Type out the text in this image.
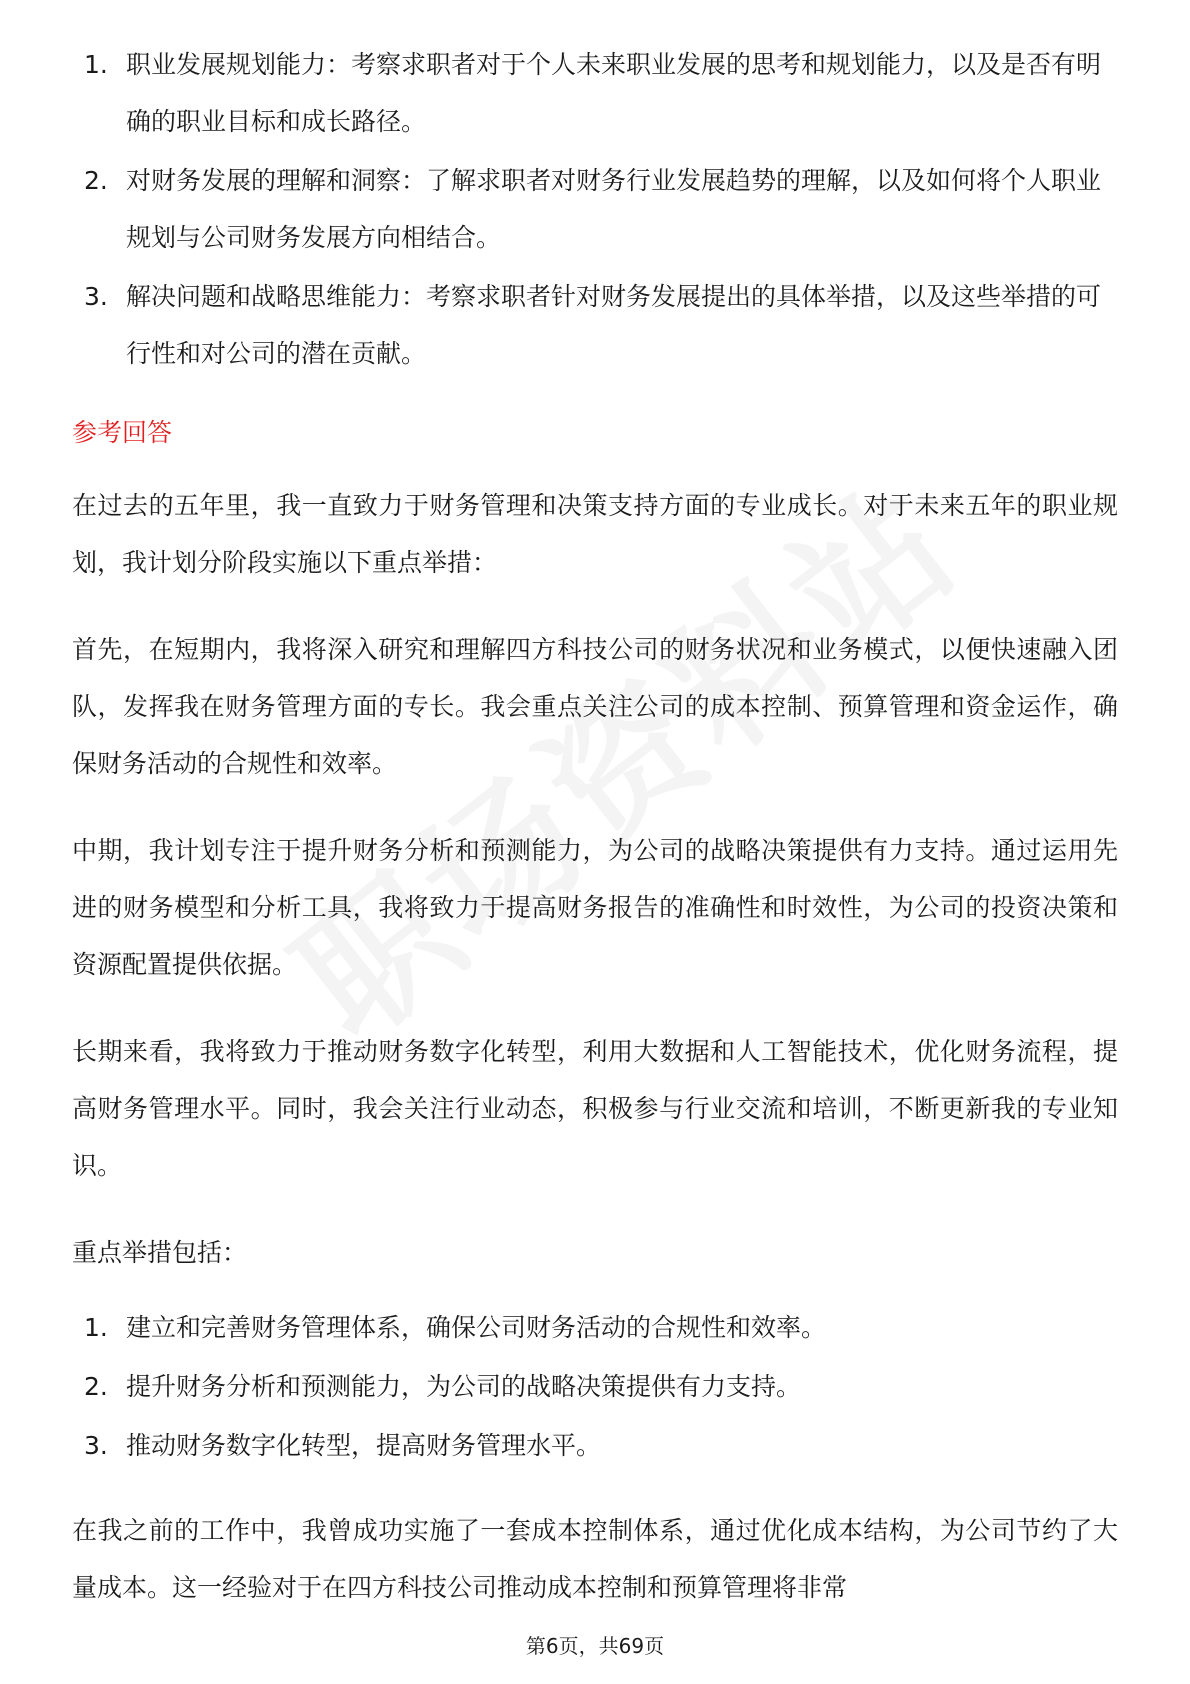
1. 职业发展规划能力：考察求职者对于个人未来职业发展的思考和规划能力，以及是否有明确的职业目标和成长路径。
2. 对财务发展的理解和洞察：了解求职者对财务行业发展趋势的理解，以及如何将个人职业规划与公司财务发展方向相结合。
3. 解决问题和战略思维能力：考察求职者针对财务发展提出的具体举措，以及这些举措的可行性和对公司的潜在贡献。
参考回答

在过去的五年里，我一直致力于财务管理和决策支持方面的专业成长。对于未来五年的职业规划，我计划分阶段实施以下重点举措：

首先，在短期内，我将深入研究和理解四方科技公司的财务状况和业务模式，以便快速融入团队，发挥我在财务管理方面的专长。我会重点关注公司的成本控制、预算管理和资金运作，确保财务活动的合规性和效率。

中期，我计划专注于提升财务分析和预测能力，为公司的战略决策提供有力支持。通过运用先进的财务模型和分析工具，我将致力于提高财务报告的准确性和时效性，为公司的投资决策和资源配置提供依据。

长期来看，我将致力于推动财务数字化转型，利用大数据和人工智能技术，优化财务流程，提高财务管理水平。同时，我会关注行业动态，积极参与行业交流和培训，不断更新我的专业知识。

重点举措包括：

1. 建立和完善财务管理体系，确保公司财务活动的合规性和效率。
2. 提升财务分析和预测能力，为公司的战略决策提供有力支持。
3. 推动财务数字化转型，提高财务管理水平。

在我之前的工作中，我曾成功实施了一套成本控制体系，通过优化成本结构，为公司节约了大量成本。这一经验对于在四方科技公司推动成本控制和预算管理将非常

第6页，共69页
